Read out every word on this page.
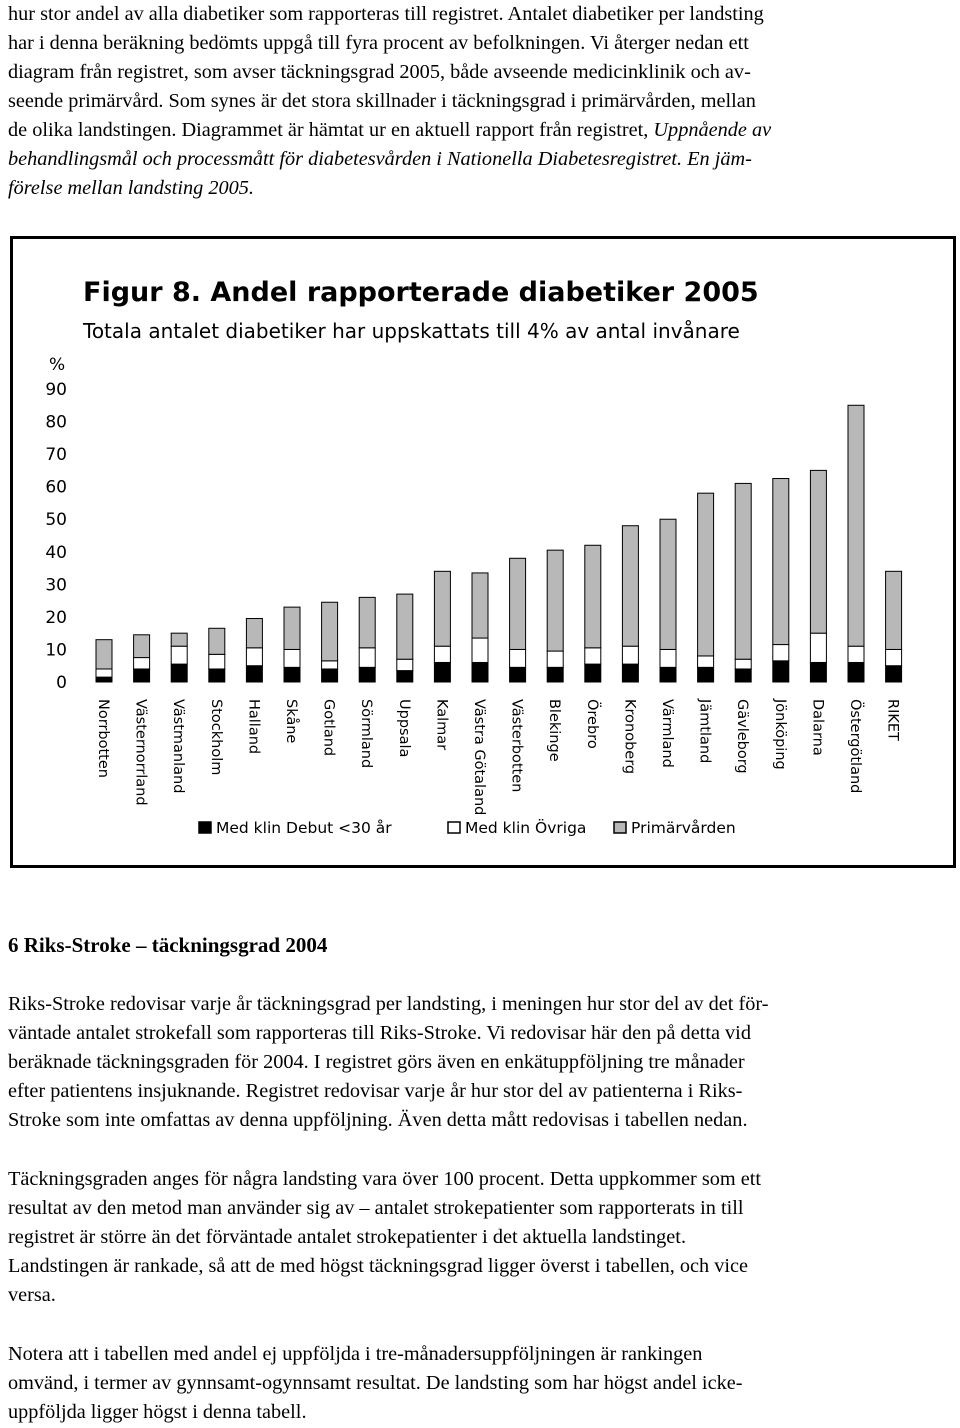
hur stor andel av alla diabetiker som rapporteras till registret. Antalet diabetiker per landsting

har i denna beräkning bedömts uppgå till fyra procent av befolkningen. Vi återger nedan ett

diagram från registret, som avser täckningsgrad 2005, både avseende medicinklinik och av-

seende primärvård. Som synes är det stora skillnader i täckningsgrad i primärvården, mellan

de olika landstingen. Diagrammet är hämtat ur en aktuell rapport från registret, Uppnående av

behandlingsmål och processmått för diabetesvården i Nationella Diabetesregistret. En jäm-

förelse mellan landsting 2005.

Figur 8. Andel rapporterade diabetiker 2005
Totala antalet diabetiker har uppskattats till 4% av antal invånare
%
0
10
20
30
40
50
60
70
80
90
Norrbotten Västernorrland Västmanland Stockholm Halland Skåne Gotland Sörmland Uppsala Kalmar Västra Götaland Västerbotten Blekinge Örebro Kronoberg Värmland Jämtland Gävleborg Jönköping Dalarna Östergötland RIKET
Med klin Debut <30 år	Med klin Övriga	Primärvården

6 Riks-Stroke – täckningsgrad 2004

Riks-Stroke redovisar varje år täckningsgrad per landsting, i meningen hur stor del av det för-

väntade antalet strokefall som rapporteras till Riks-Stroke. Vi redovisar här den på detta vid

beräknade täckningsgraden för 2004. I registret görs även en enkätuppföljning tre månader

efter patientens insjuknande. Registret redovisar varje år hur stor del av patienterna i Riks-

Stroke som inte omfattas av denna uppföljning. Även detta mått redovisas i tabellen nedan.

Täckningsgraden anges för några landsting vara över 100 procent. Detta uppkommer som ett

resultat av den metod man använder sig av – antalet strokepatienter som rapporterats in till

registret är större än det förväntade antalet strokepatienter i det aktuella landstinget.

Landstingen är rankade, så att de med högst täckningsgrad ligger överst i tabellen, och vice

versa.

Notera att i tabellen med andel ej uppföljda i tre-månadersuppföljningen är rankingen

omvänd, i termer av gynnsamt-ogynnsamt resultat. De landsting som har högst andel icke-

uppföljda ligger högst i denna tabell.
